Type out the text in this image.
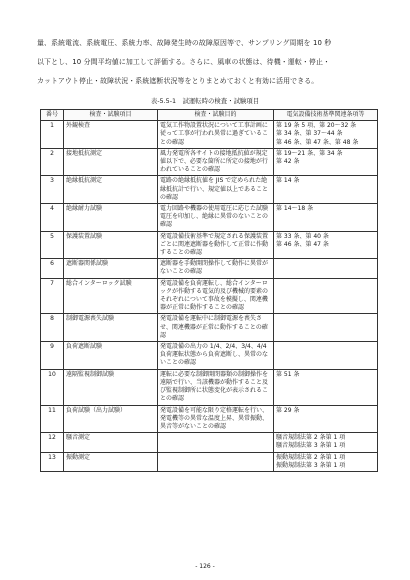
量、系統電流、系統電圧、系統力率、故障発生時の故障原因等で、サンプリング周期を 10 秒

以下とし、10 分間平均値に加工して評価する。さらに、風車の状態は、待機・運転・停止・

カットアウト停止・故障状況・系統遮断状況等をとりまとめておくと有効に活用できる。

表-5.5-1　試運転時の検査・試験項目
番号	検査・試験項目	検査・試験目的	電気設備技術基準関連条項等
1	外観検査	電気工作物設置状況について工事計画に従って工事が行われ異常に過ぎていることの確認	第 19 条 5 項、第 20～32 条
第 34 条、第 37～44 条
第 46 条、第 47 条、第 48 条
2	接地抵抗測定	風力発電所各サイトの接地抵抗値が規定値以下で、必要な箇所に所定の接地が行われていることの確認	第 19～21 条、第 34 条
第 42 条
3	絶縁抵抗測定	電路の絶縁抵抗値を JIS で定められた絶縁抵抗計で行い、規定値以上であることの確認	第 14 条
4	絶縁耐力試験	電力回路や機器の使用電圧に応じた試験電圧を印加し、絶縁に異常のないことの確認	第 14～18 条
5	保護装置試験	発電設備技術基準で規定される保護装置ごとに関連遮断器を動作して正常に作動することの確認	第 33 条、第 40 条
第 46 条、第 47 条
6	遮断器関係試験	遮断器を手動開閉操作して動作に異常がないことの確認	
7	総合インターロック試験	発電設備を負荷運転し、総合インターロックが作動する電気的及び機械的要素のそれぞれについて事故を模擬し、関連機器が正常に動作することの確認	
8	制御電源喪失試験	発電設備を運転中に制御電源を喪失させ、関連機器が正常に動作することの確認	
9	負荷遮断試験	発電設備の出力の 1/4、2/4、3/4、4/4 負荷運転状態から負荷遮断し、異常のないことの確認	
10	遠隔監視制御試験	運転に必要な制御開閉器類の制御操作を遠隔で行い、当該機器が動作すること及び監視制御所に状態変化が表示されることの確認	第 51 条
11	負荷試験（出力試験）	発電設備を可能な限り定格運転を行い、発電機等の異常な温度上昇、異常振動、異音等がないことの確認	第 29 条
12	騒音測定		騒音規制法第 2 条第 1 項
騒音規制法第 3 条第 1 項
13	振動測定		振動規制法第 2 条第 1 項
振動規制法第 3 条第 1 項
- 126 -
